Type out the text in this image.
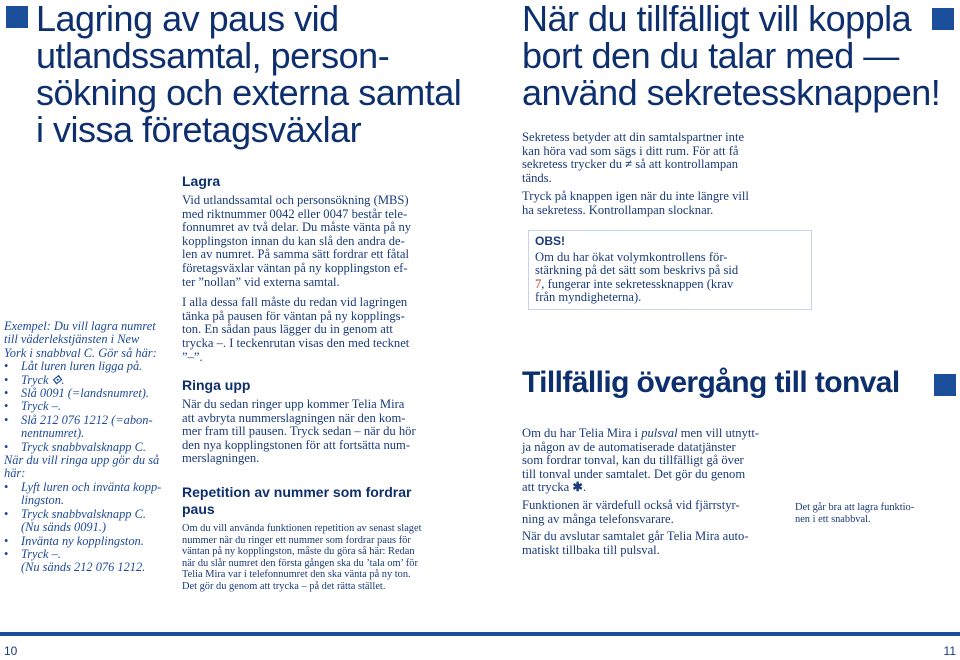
Lagring av paus vid
utlandssamtal, person-
sökning och externa samtal
i vissa företagsväxlar
Exempel: Du vill lagra numret
till väderlekstjänsten i New
York i snabbval C. Gör så här:
•	Låt luren luren ligga på.
•	Tryck ⟐.
•	Slå 0091 (=landsnumret).
•	Tryck –.
•	Slå 212 076 1212 (=abon-
nentnumret).
•	Tryck snabbvalsknapp C.
När du vill ringa upp gör du så
här:
•	Lyft luren och invänta kopp-
lingston.
•	Tryck snabbvalsknapp C.
(Nu sänds 0091.)
•	Invänta ny kopplingston.
•	Tryck –.
(Nu sänds 212 076 1212.
Lagra
Vid utlandssamtal och personsökning (MBS)
med riktnummer 0042 eller 0047 består tele-
fonnumret av två delar. Du måste vänta på ny
kopplingston innan du kan slå den andra de-
len av numret. På samma sätt fordrar ett fåtal
företagsväxlar väntan på ny kopplingston ef-
ter ”nollan” vid externa samtal.
I alla dessa fall måste du redan vid lagringen
tänka på pausen för väntan på ny kopplings-
ton. En sådan paus lägger du in genom att
trycka –. I teckenrutan visas den med tecknet
”–”.
Ringa upp
När du sedan ringer upp kommer Telia Mira
att avbryta nummerslagningen när den kom-
mer fram till pausen. Tryck sedan – när du hör
den nya kopplingstonen för att fortsätta num-
merslagningen.
Repetition av nummer som fordrar
paus
Om du vill använda funktionen repetition av senast slaget
nummer när du ringer ett nummer som fordrar paus för
väntan på ny kopplingston, måste du göra så här: Redan
när du slår numret den första gången ska du ’tala om’ för
Telia Mira var i telefonnumret den ska vänta på ny ton.
Det gör du genom att trycka – på det rätta stället.
När du tillfälligt vill koppla
bort den du talar med —
använd sekretessknappen!
Sekretess betyder att din samtalspartner inte
kan höra vad som sägs i ditt rum. För att få
sekretess trycker du ≠ så att kontrollampan
tänds.
Tryck på knappen igen när du inte längre vill
ha sekretess. Kontrollampan slocknar.
OBS!
Om du har ökat volymkontrollens för-
stärkning på det sätt som beskrivs på sid
7, fungerar inte sekretessknappen (krav
från myndigheterna).
Tillfällig övergång till tonval
Om du har Telia Mira i pulsval men vill utnytt-
ja någon av de automatiserade datatjänster
som fordrar tonval, kan du tillfälligt gå över
till tonval under samtalet. Det gör du genom
att trycka ✱.
Funktionen är värdefull också vid fjärrstyr-
ning av många telefonsvarare.
När du avslutar samtalet går Telia Mira auto-
matiskt tillbaka till pulsval.
Det går bra att lagra funktio-
nen i ett snabbval.
10	11
